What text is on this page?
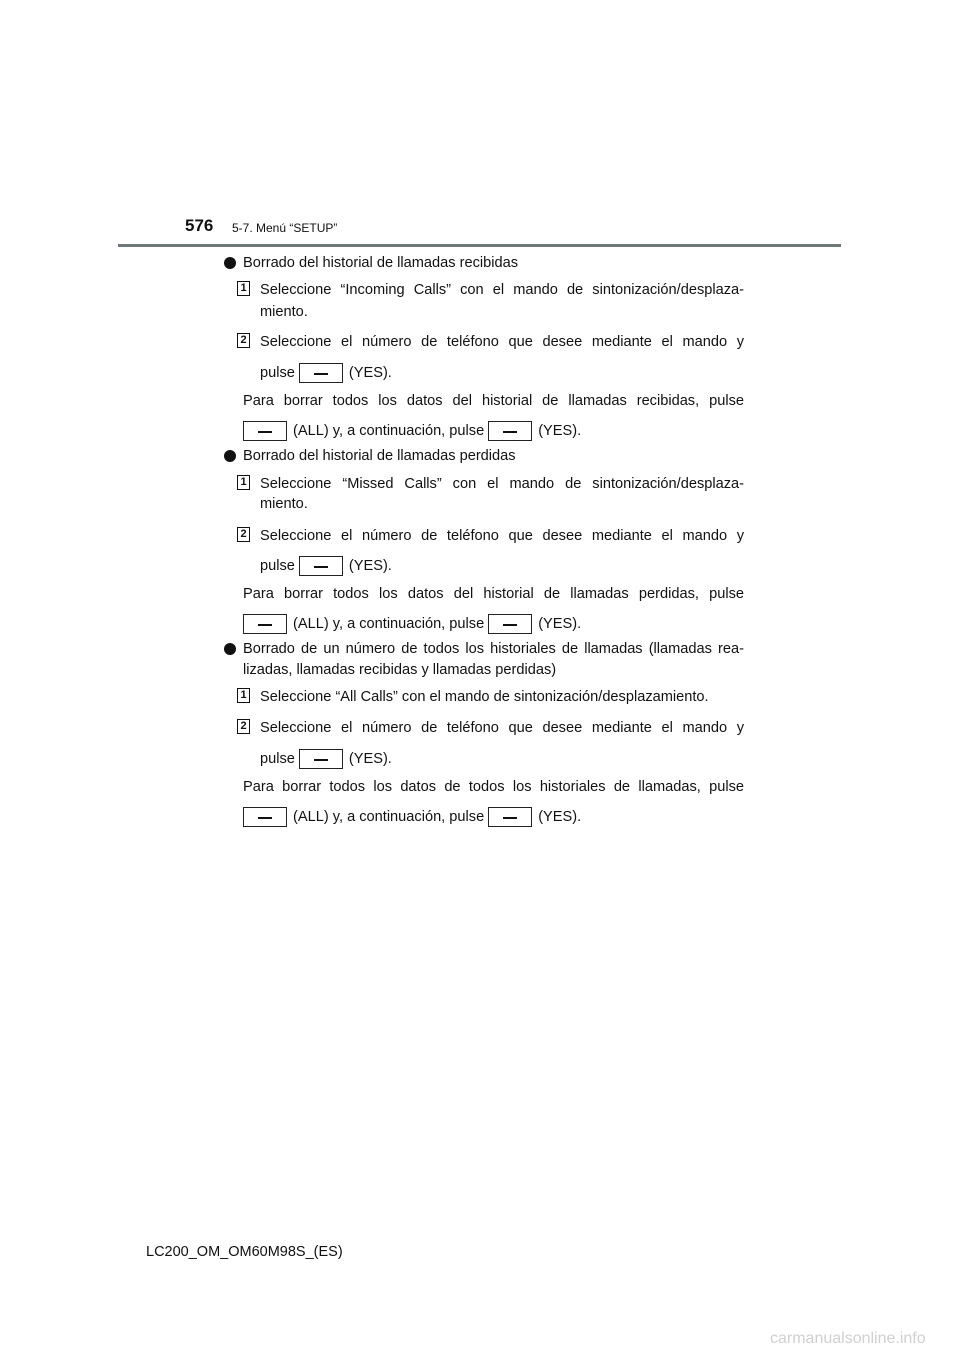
576 5-7. Menú “SETUP”
Borrado del historial de llamadas recibidas
1 Seleccione “Incoming Calls” con el mando de sintonización/desplaza-
miento.
2 Seleccione el número de teléfono que desee mediante el mando y
pulse	(YES).
Para borrar todos los datos del historial de llamadas recibidas, pulse
(ALL) y, a continuación, pulse	(YES).
Borrado del historial de llamadas perdidas
1 Seleccione “Missed Calls” con el mando de sintonización/desplaza-
miento.
2 Seleccione el número de teléfono que desee mediante el mando y
pulse	(YES).
Para borrar todos los datos del historial de llamadas perdidas, pulse
(ALL) y, a continuación, pulse	(YES).
Borrado de un número de todos los historiales de llamadas (llamadas rea-
lizadas, llamadas recibidas y llamadas perdidas)
1 Seleccione “All Calls” con el mando de sintonización/desplazamiento.
2 Seleccione el número de teléfono que desee mediante el mando y
pulse	(YES).
Para borrar todos los datos de todos los historiales de llamadas, pulse
(ALL) y, a continuación, pulse	(YES).
LC200_OM_OM60M98S_(ES)
carmanualsonline.info
